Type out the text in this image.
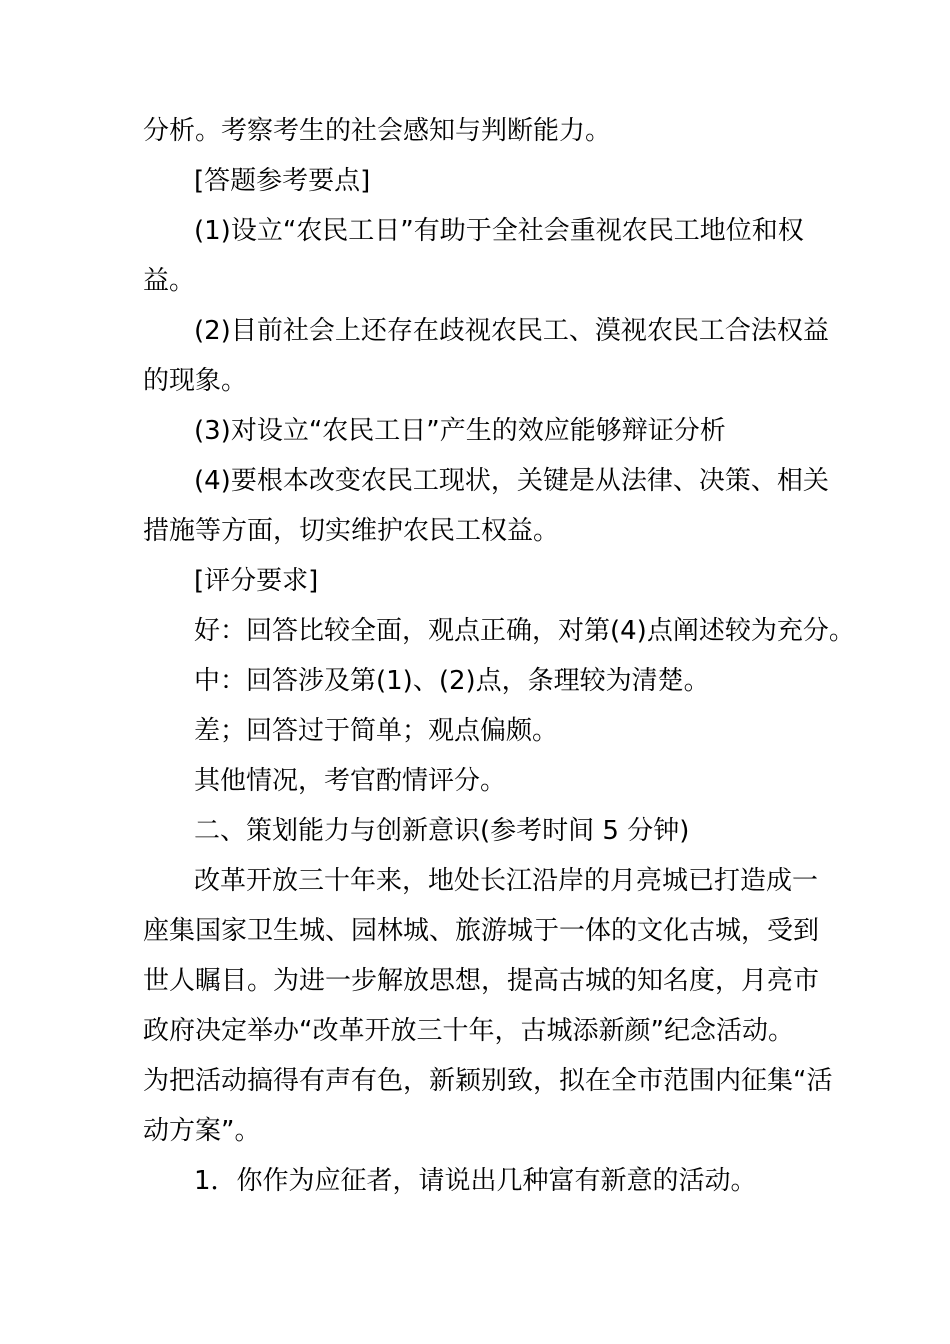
分析。考察考生的社会感知与判断能力。

[答题参考要点]

(1)设立“农民工日”有助于全社会重视农民工地位和权

益。

(2)目前社会上还存在歧视农民工、漠视农民工合法权益

的现象。

(3)对设立“农民工日”产生的效应能够辩证分析

(4)要根本改变农民工现状，关键是从法律、决策、相关

措施等方面，切实维护农民工权益。

[评分要求]

好：回答比较全面，观点正确，对第(4)点阐述较为充分。

中：回答涉及第(1)、(2)点，条理较为清楚。

差；回答过于简单；观点偏颇。

其他情况，考官酌情评分。

二、策划能力与创新意识(参考时间 5 分钟)

改革开放三十年来，地处长江沿岸的月亮城已打造成一

座集国家卫生城、园林城、旅游城于一体的文化古城，受到

世人瞩目。为进一步解放思想，提高古城的知名度，月亮市

政府决定举办“改革开放三十年，古城添新颜”纪念活动。

为把活动搞得有声有色，新颖别致，拟在全市范围内征集“活

动方案”。

1．你作为应征者，请说出几种富有新意的活动。
